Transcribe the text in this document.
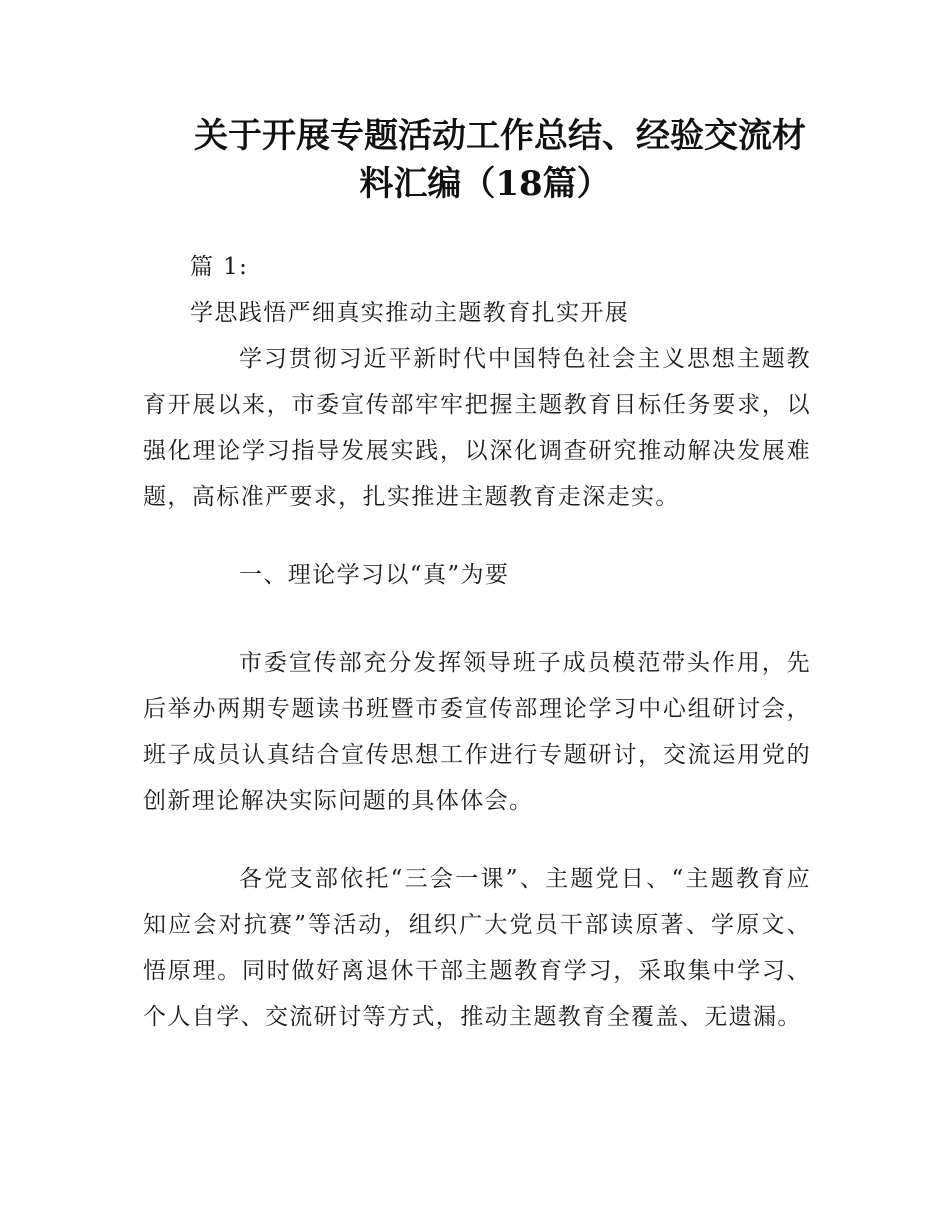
关于开展专题活动工作总结、经验交流材
料汇编（18篇）

篇 1:

学思践悟严细真实推动主题教育扎实开展

学习贯彻习近平新时代中国特色社会主义思想主题教育开展以来，市委宣传部牢牢把握主题教育目标任务要求，以强化理论学习指导发展实践，以深化调查研究推动解决发展难题，高标准严要求，扎实推进主题教育走深走实。

一、理论学习以“真”为要

市委宣传部充分发挥领导班子成员模范带头作用，先后举办两期专题读书班暨市委宣传部理论学习中心组研讨会，班子成员认真结合宣传思想工作进行专题研讨，交流运用党的创新理论解决实际问题的具体体会。

各党支部依托“三会一课”、主题党日、“主题教育应知应会对抗赛”等活动，组织广大党员干部读原著、学原文、悟原理。同时做好离退休干部主题教育学习，采取集中学习、个人自学、交流研讨等方式，推动主题教育全覆盖、无遗漏。
